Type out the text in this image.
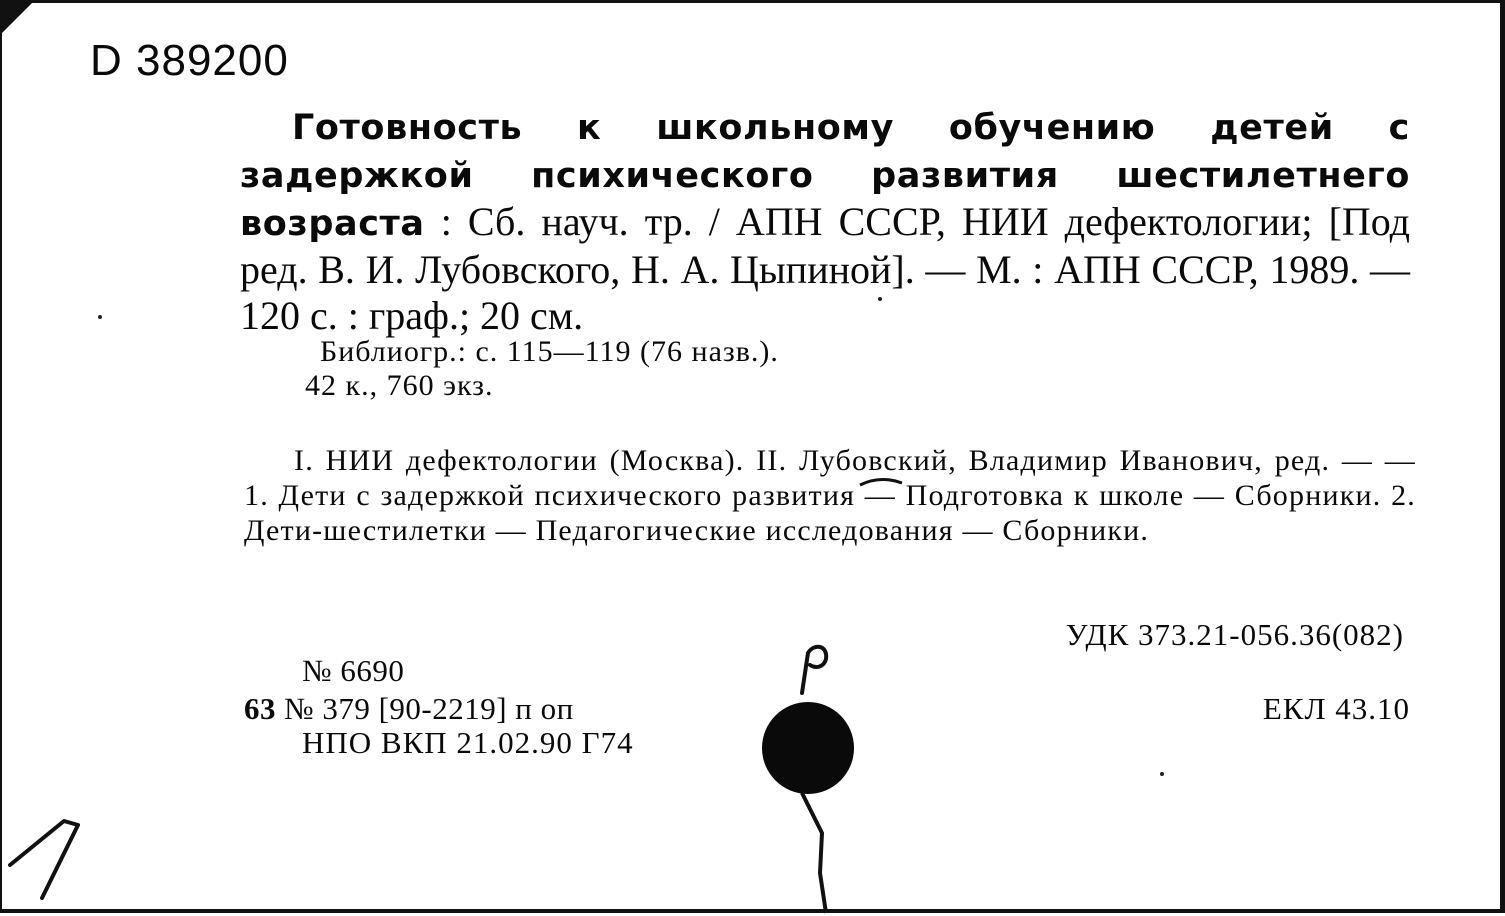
D 389200
Готовность к школьному обучению детей с задержкой психического развития шестилетнего возраста : Сб. науч. тр. / АПН СССР, НИИ дефектологии; [Под ред. В. И. Лубовского, Н. А. Цыпиной]. — М. : АПН СССР, 1989. — 120 с. : граф.; 20 см.
Библиогр.: с. 115—119 (76 назв.).
42 к., 760 экз.
I. НИИ дефектологии (Москва). II. Лубовский, Владимир Иванович, ред. — — 1. Дети с задержкой психического развития — Подготовка к школе — Сборники. 2. Дети-шестилетки — Педагогические исследования — Сборники.
УДК 373.21-056.36(082)
№ 6690
ЕКЛ 43.10
63 № 379 [90-2219] п оп
НПО ВКП 21.02.90 Г74
